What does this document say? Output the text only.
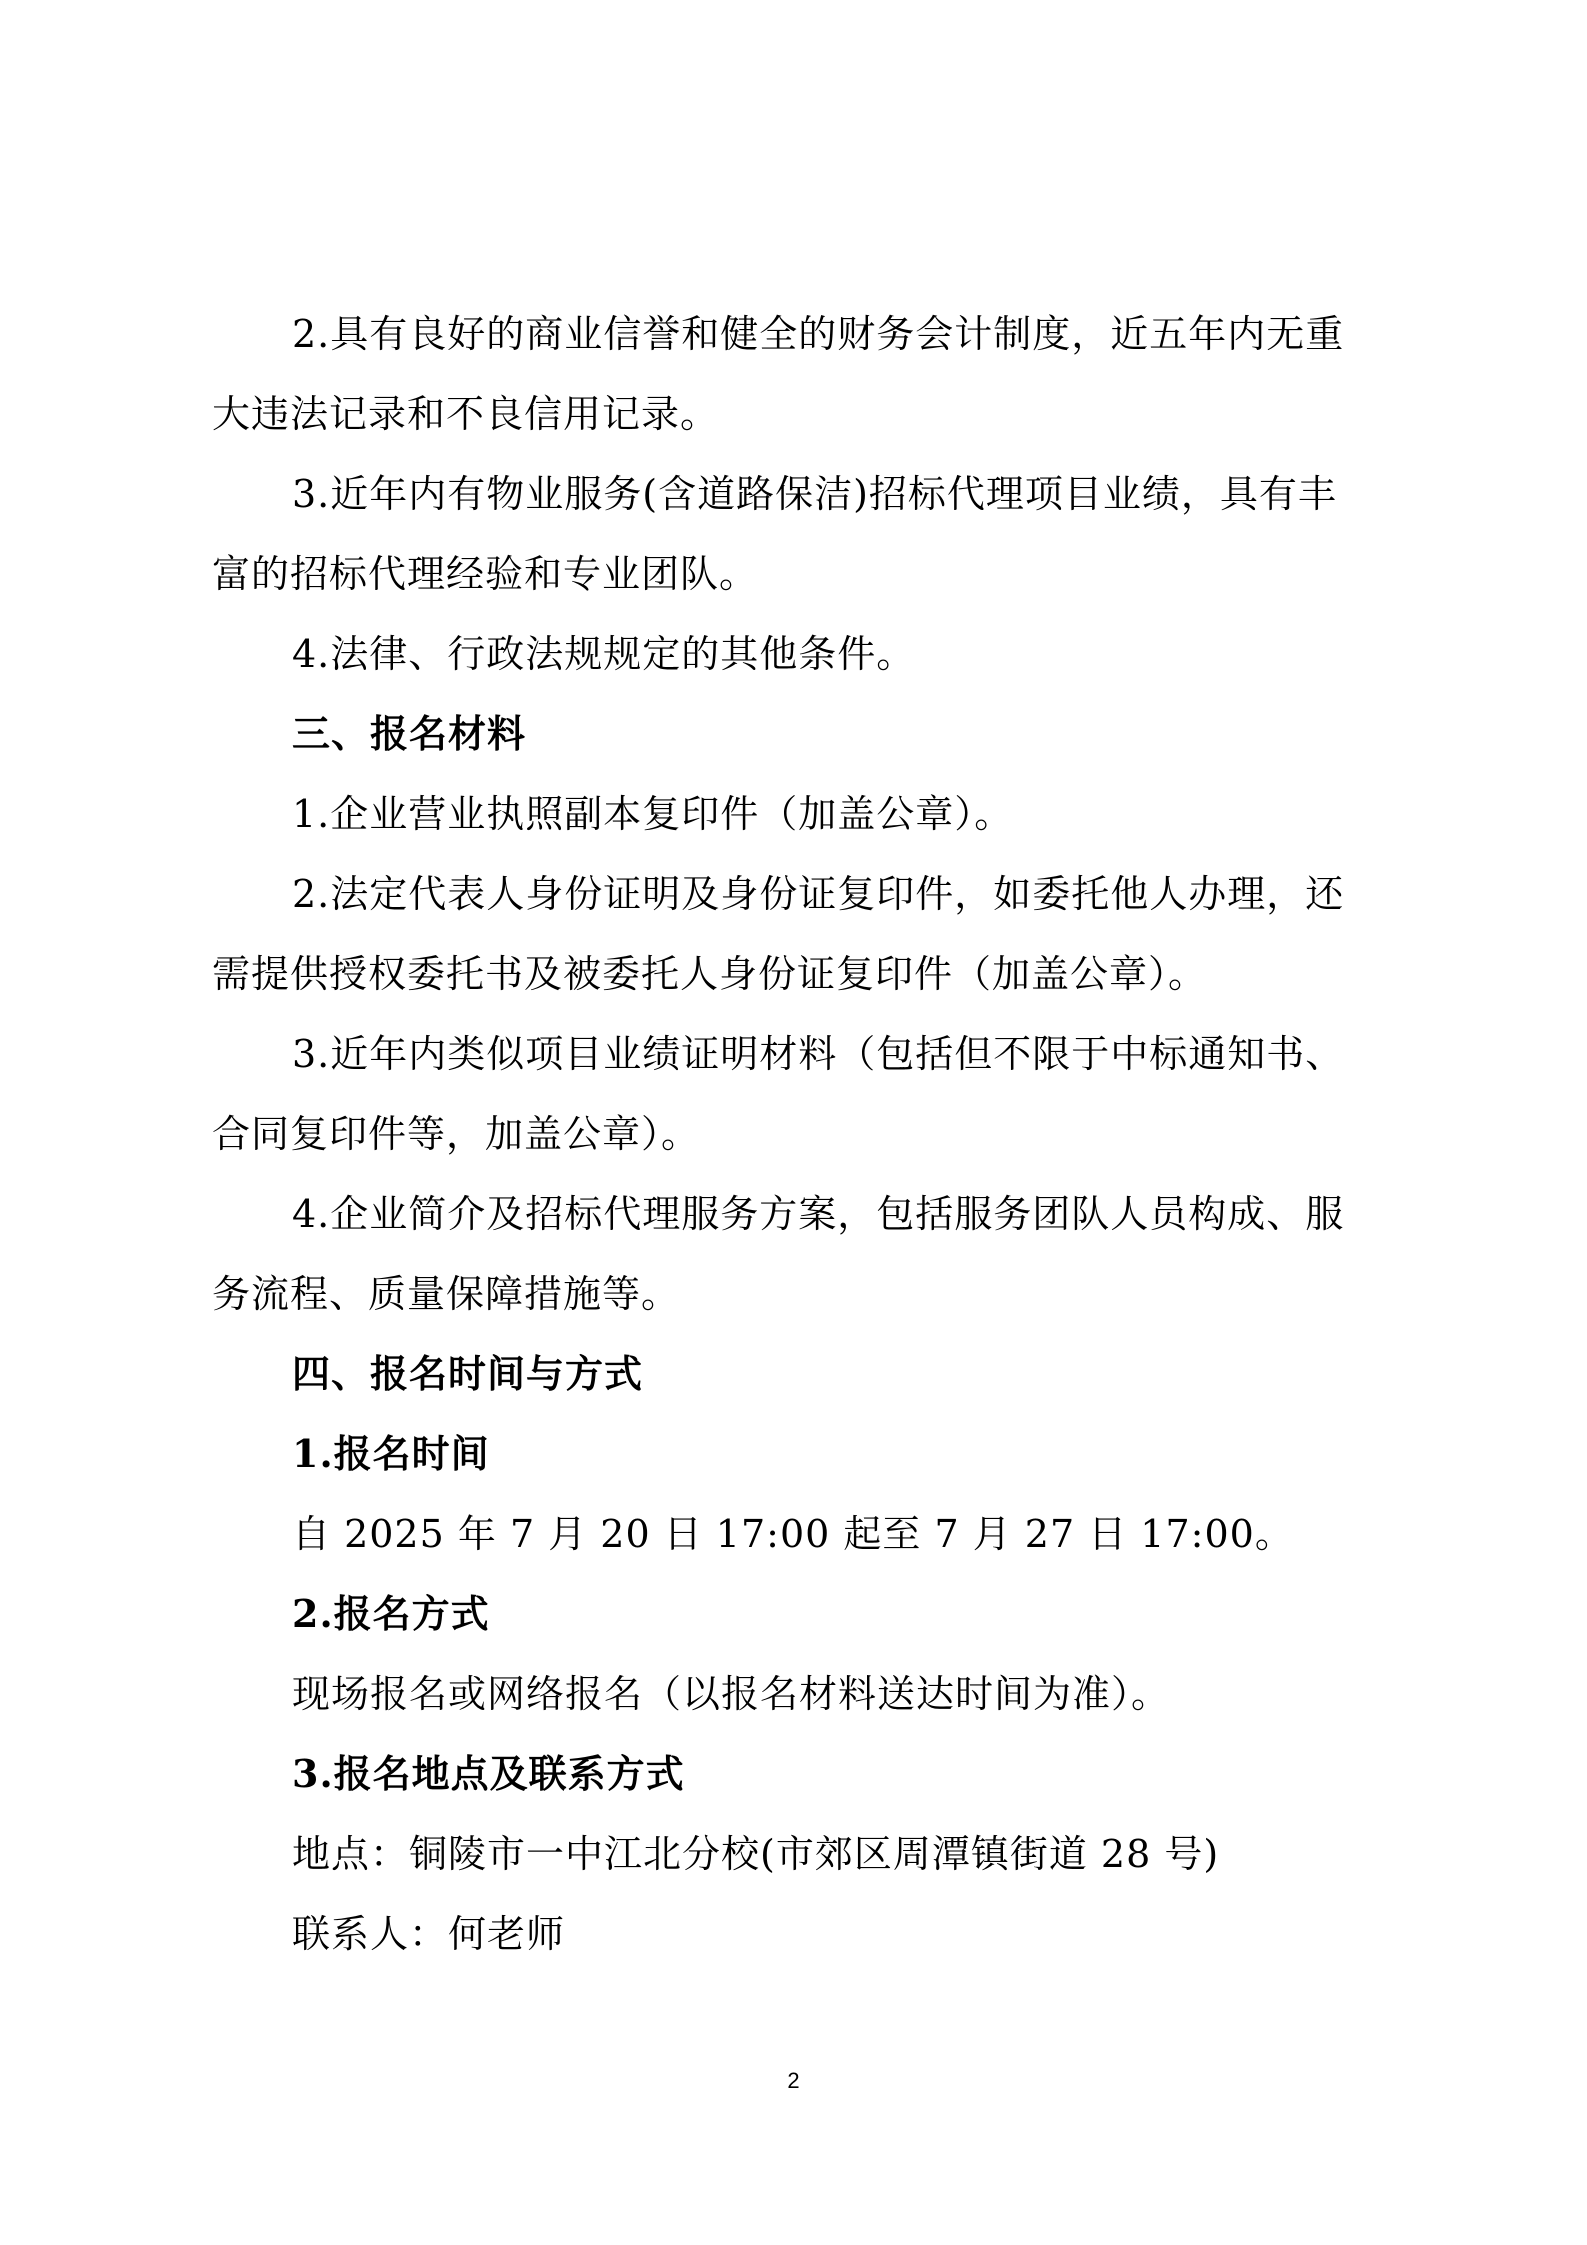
2.具有良好的商业信誉和健全的财务会计制度，近五年内无重

大违法记录和不良信用记录。

3.近年内有物业服务(含道路保洁)招标代理项目业绩，具有丰

富的招标代理经验和专业团队。

4.法律、行政法规规定的其他条件。

三、报名材料

1.企业营业执照副本复印件（加盖公章）。

2.法定代表人身份证明及身份证复印件，如委托他人办理，还

需提供授权委托书及被委托人身份证复印件（加盖公章）。

3.近年内类似项目业绩证明材料（包括但不限于中标通知书、

合同复印件等，加盖公章）。

4.企业简介及招标代理服务方案，包括服务团队人员构成、服

务流程、质量保障措施等。

四、报名时间与方式

1.报名时间

自 2025 年 7 月 20 日 17:00 起至 7 月 27 日 17:00。

2.报名方式

现场报名或网络报名（以报名材料送达时间为准）。

3.报名地点及联系方式

地点：铜陵市一中江北分校(市郊区周潭镇街道 28 号)

联系人：何老师

2
